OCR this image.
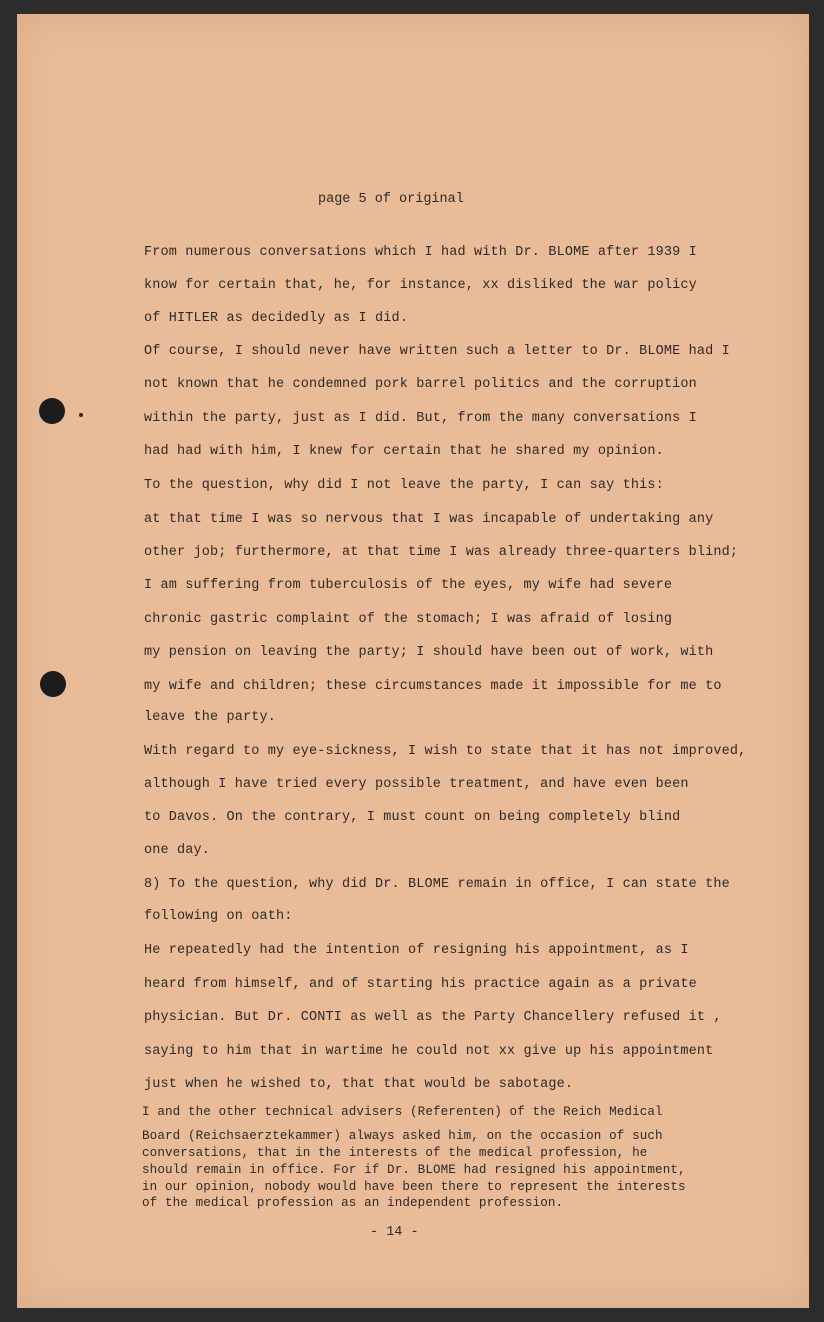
page 5 of original
From numerous conversations which I had with Dr. BLOME after 1939 I
know for certain that, he, for instance, xx disliked the war policy
of HITLER as decidedly as I did.
Of course, I should never have written such a letter to Dr. BLOME had I
not known that he condemned pork barrel politics and the corruption
within the party, just as I did. But, from the many conversations I
had had with him, I knew for certain that he shared my opinion.
To the question, why did I not leave the party, I can say this:
at that time I was so nervous that I was incapable of undertaking any
other job; furthermore, at that time I was already three-quarters blind;
I am suffering from tuberculosis of the eyes, my wife had severe
chronic gastric complaint of the stomach; I was afraid of losing
my pension on leaving the party; I should have been out of work, with
my wife and children; these circumstances made it impossible for me to
leave the party.
With regard to my eye-sickness, I wish to state that it has not improved,
although I have tried every possible treatment, and have even been
to Davos. On the contrary, I must count on being completely blind
one day.
8) To the question, why did Dr. BLOME remain in office, I can state the
following on oath:
He repeatedly had the intention of resigning his appointment, as I
heard from himself, and of starting his practice again as a private
physician. But Dr. CONTI as well as the Party Chancellery refused it ,
saying to him that in wartime he could not xx give up his appointment
just when he wished to, that that would be sabotage.
I and the other technical advisers (Referenten) of the Reich Medical
Board (Reichsaerztekammer) always asked him, on the occasion of such
conversations, that in the interests of the medical profession, he
should remain in office. For if Dr. BLOME had resigned his appointment,
in our opinion, nobody would have been there to represent the interests
of the medical profession as an independent profession.
- 14 -
